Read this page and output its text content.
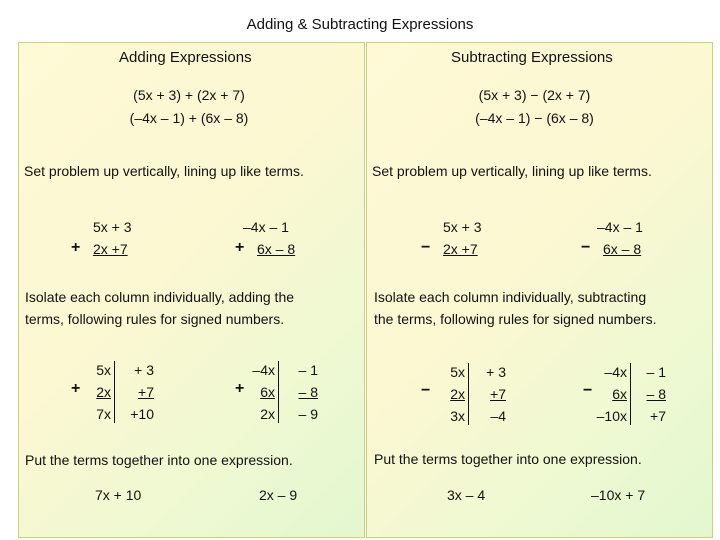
Adding & Subtracting Expressions
Adding Expressions
(5x + 3) + (2x + 7)
(–4x – 1) + (6x – 8)
Set problem up vertically, lining up like terms.
5x + 3
+ 2x +7
–4x – 1
+ 6x – 8
Isolate each column individually, adding the
terms, following rules for signed numbers.
+
5x
2x
7x
+ 3
+7
+10
+
–4x
6x
2x
– 1
– 8
– 9
Put the terms together into one expression.
7x + 10	2x – 9
Subtracting Expressions
(5x + 3) − (2x + 7)
(–4x – 1) − (6x – 8)
Set problem up vertically, lining up like terms.
5x + 3
− 2x +7
–4x – 1
− 6x – 8
Isolate each column individually, subtracting
the terms, following rules for signed numbers.
−
5x
2x
3x
+ 3
+7
–4
−
–4x
6x
–10x
– 1
– 8
+7
Put the terms together into one expression.
3x – 4	–10x + 7
